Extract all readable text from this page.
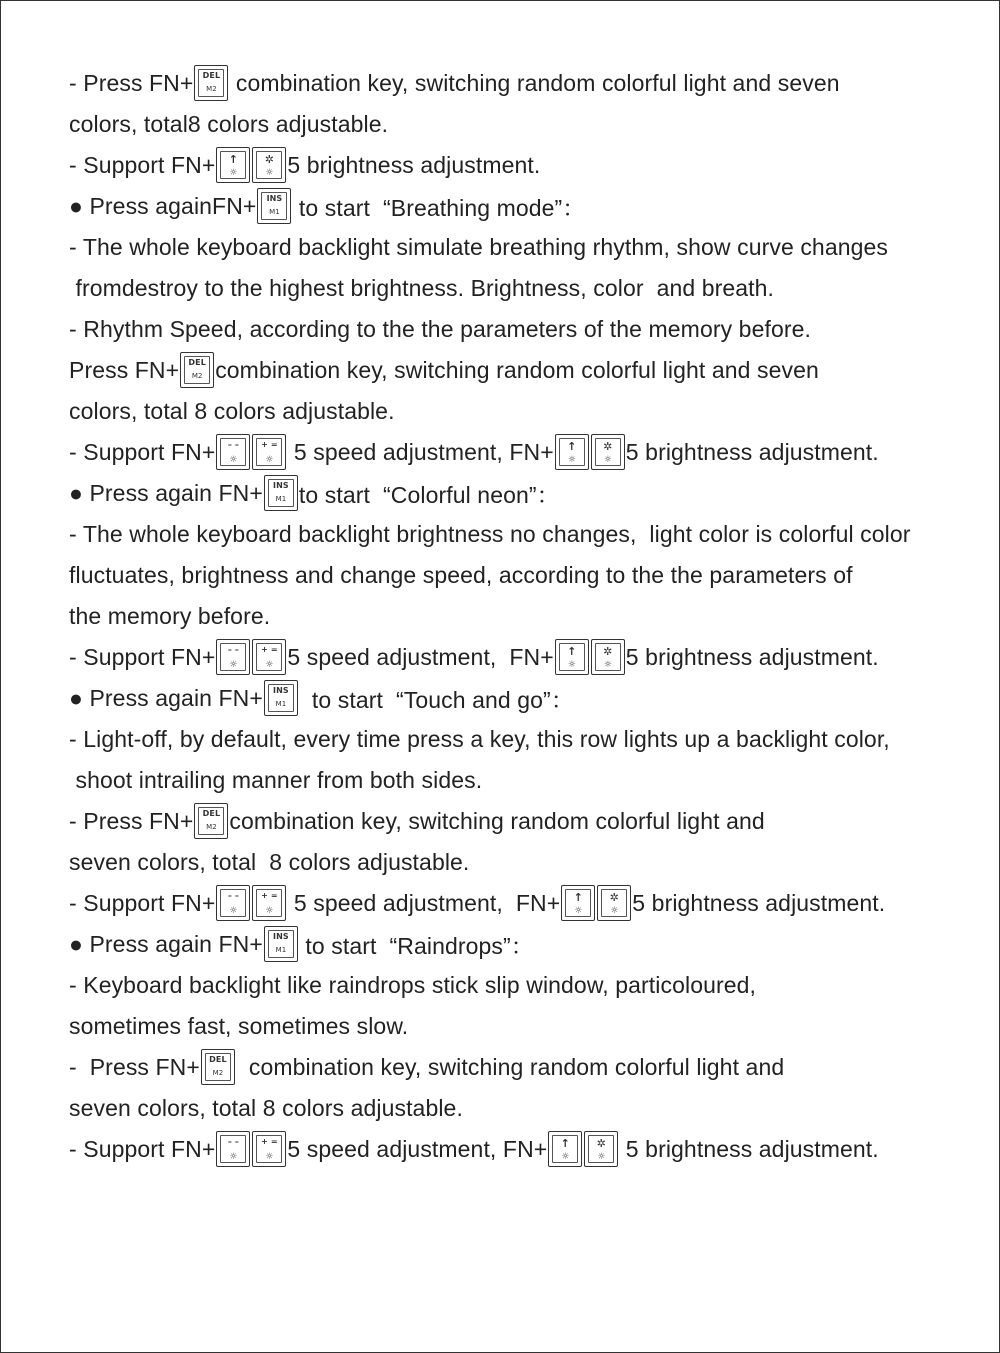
- Press FN+	DEL
M2 combination key, switching random colorful light and seven
colors, total8 colors adjustable.
- Support FN+	↑
☼
✲
☼ 5 brightness adjustment.
● Press againFN+	INS
M1 to start  “Breathing mode”：
- The whole keyboard backlight simulate breathing rhythm, show curve changes
fromdestroy to the highest brightness. Brightness, color  and breath.
- Rhythm Speed, according to the the parameters of the memory before.
Press FN+	DEL
M2 combination key, switching random colorful light and seven
colors, total 8 colors adjustable.
- Support FN+	– –
☼
+ =
☼ 5 speed adjustment, FN+	↑
☼
✲
☼ 5 brightness adjustment.
● Press again FN+	INS
M1 to start  “Colorful neon”：
- The whole keyboard backlight brightness no changes,  light color is colorful color
fluctuates, brightness and change speed, according to the the parameters of
the memory before.
- Support FN+	– –
☼
+ =
☼ 5 speed adjustment,  FN+	↑
☼
✲
☼ 5 brightness adjustment.
● Press again FN+	INS
M1 to start  “Touch and go”：
- Light-off, by default, every time press a key, this row lights up a backlight color,
shoot intrailing manner from both sides.
- Press FN+	DEL
M2 combination key, switching random colorful light and
seven colors, total  8 colors adjustable.
- Support FN+	– –
☼
+ =
☼ 5 speed adjustment,  FN+	↑
☼
✲
☼ 5 brightness adjustment.
● Press again FN+	INS
M1 to start  “Raindrops”：
- Keyboard backlight like raindrops stick slip window, particoloured,
sometimes fast, sometimes slow.
-  Press FN+	DEL
M2 combination key, switching random colorful light and
seven colors, total 8 colors adjustable.
- Support FN+	– –
☼
+ =
☼ 5 speed adjustment, FN+	↑
☼
✲
☼ 5 brightness adjustment.
